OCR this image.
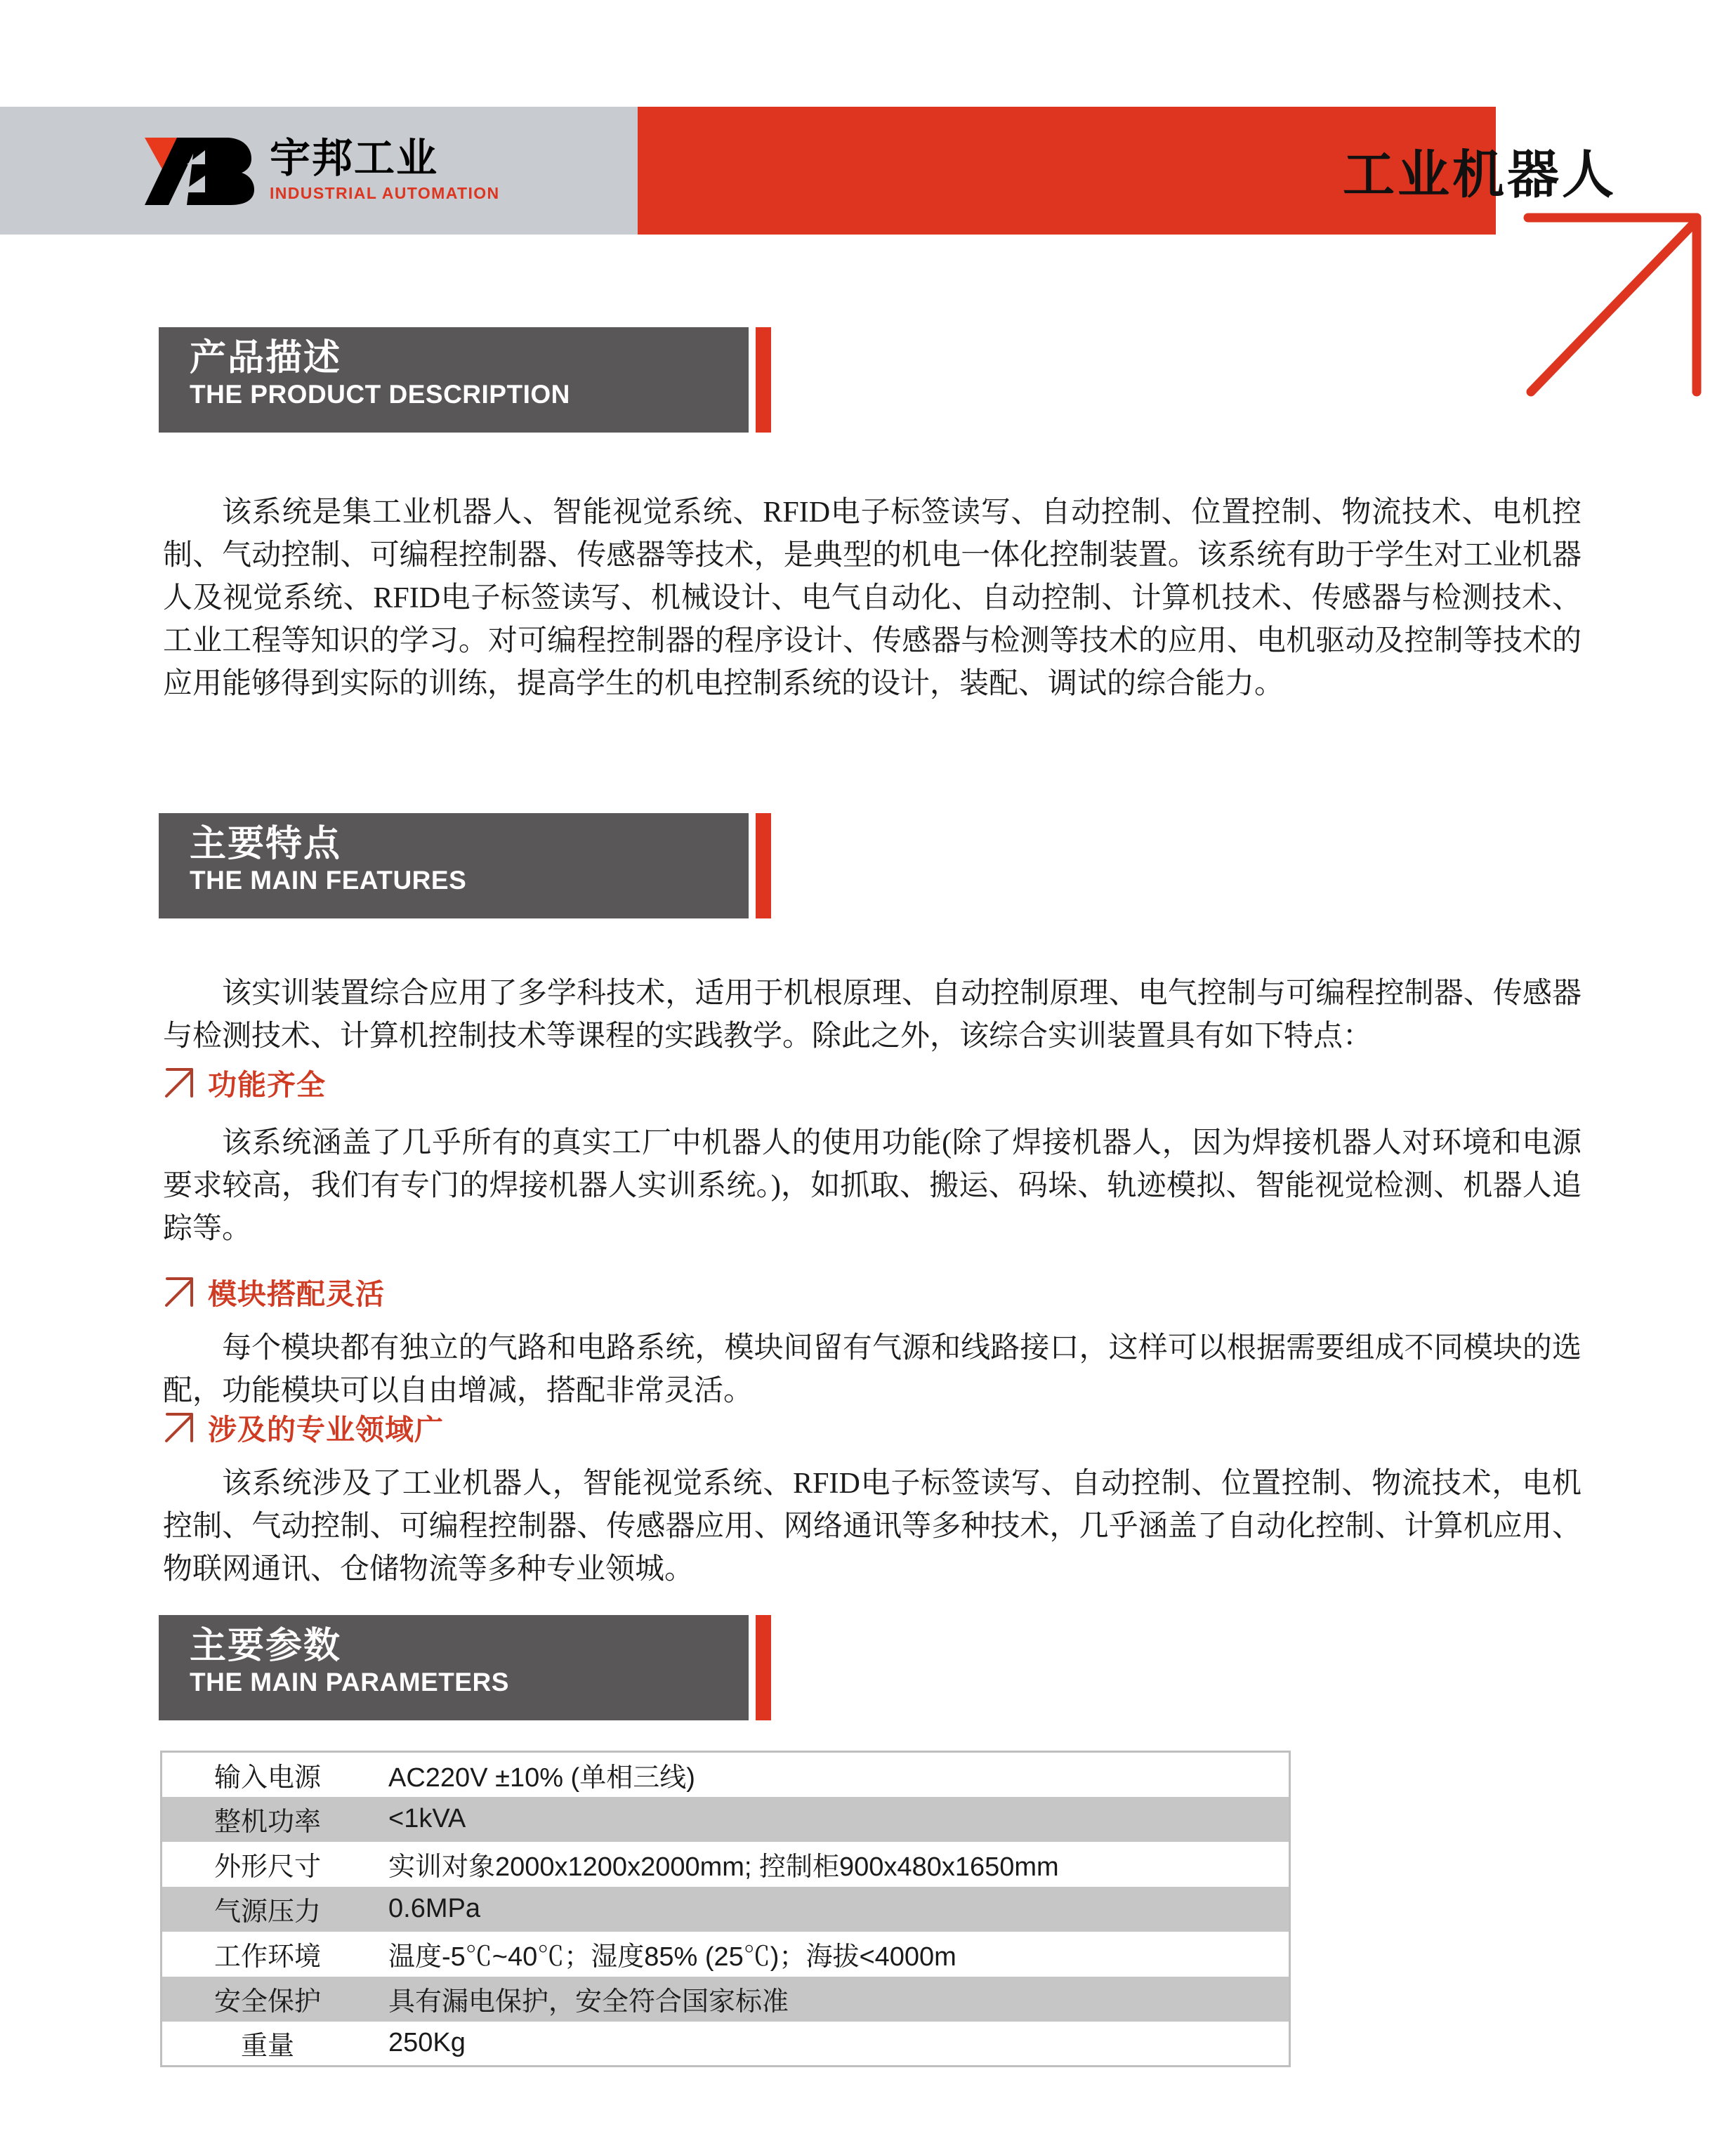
宇邦工业
INDUSTRIAL AUTOMATION	工业机器人
产品描述
THE PRODUCT DESCRIPTION
该系统是集工业机器人、智能视觉系统、RFID电子标签读写、自动控制、位置控制、物流技术、电机控制、气动控制、可编程控制器、传感器等技术，是典型的机电一体化控制装置。该系统有助于学生对工业机器人及视觉系统、RFID电子标签读写、机械设计、电气自动化、自动控制、计算机技术、传感器与检测技术、工业工程等知识的学习。对可编程控制器的程序设计、传感器与检测等技术的应用、电机驱动及控制等技术的应用能够得到实际的训练，提高学生的机电控制系统的设计，装配、调试的综合能力。
主要特点
THE MAIN FEATURES
该实训装置综合应用了多学科技术，适用于机根原理、自动控制原理、电气控制与可编程控制器、传感器与检测技术、计算机控制技术等课程的实践教学。除此之外，该综合实训装置具有如下特点：
功能齐全
该系统涵盖了几乎所有的真实工厂中机器人的使用功能(除了焊接机器人，因为焊接机器人对环境和电源要求较高，我们有专门的焊接机器人实训系统。)，如抓取、搬运、码垛、轨迹模拟、智能视觉检测、机器人追踪等。
模块搭配灵活
每个模块都有独立的气路和电路系统，模块间留有气源和线路接口，这样可以根据需要组成不同模块的选配，功能模块可以自由增减，搭配非常灵活。
涉及的专业领域广
该系统涉及了工业机器人，智能视觉系统、RFID电子标签读写、自动控制、位置控制、物流技术，电机控制、气动控制、可编程控制器、传感器应用、网络通讯等多种技术，几乎涵盖了自动化控制、计算机应用、物联网通讯、仓储物流等多种专业领城。
主要参数
THE MAIN PARAMETERS
输入电源	AC220V ±10% (单相三线)
整机功率	<1kVA
外形尺寸	实训对象2000x1200x2000mm; 控制柜900x480x1650mm
气源压力	0.6MPa
工作环境	温度-5℃~40℃；湿度85% (25℃)；海拔<4000m
安全保护	具有漏电保护，安全符合国家标准
重量	250Kg
